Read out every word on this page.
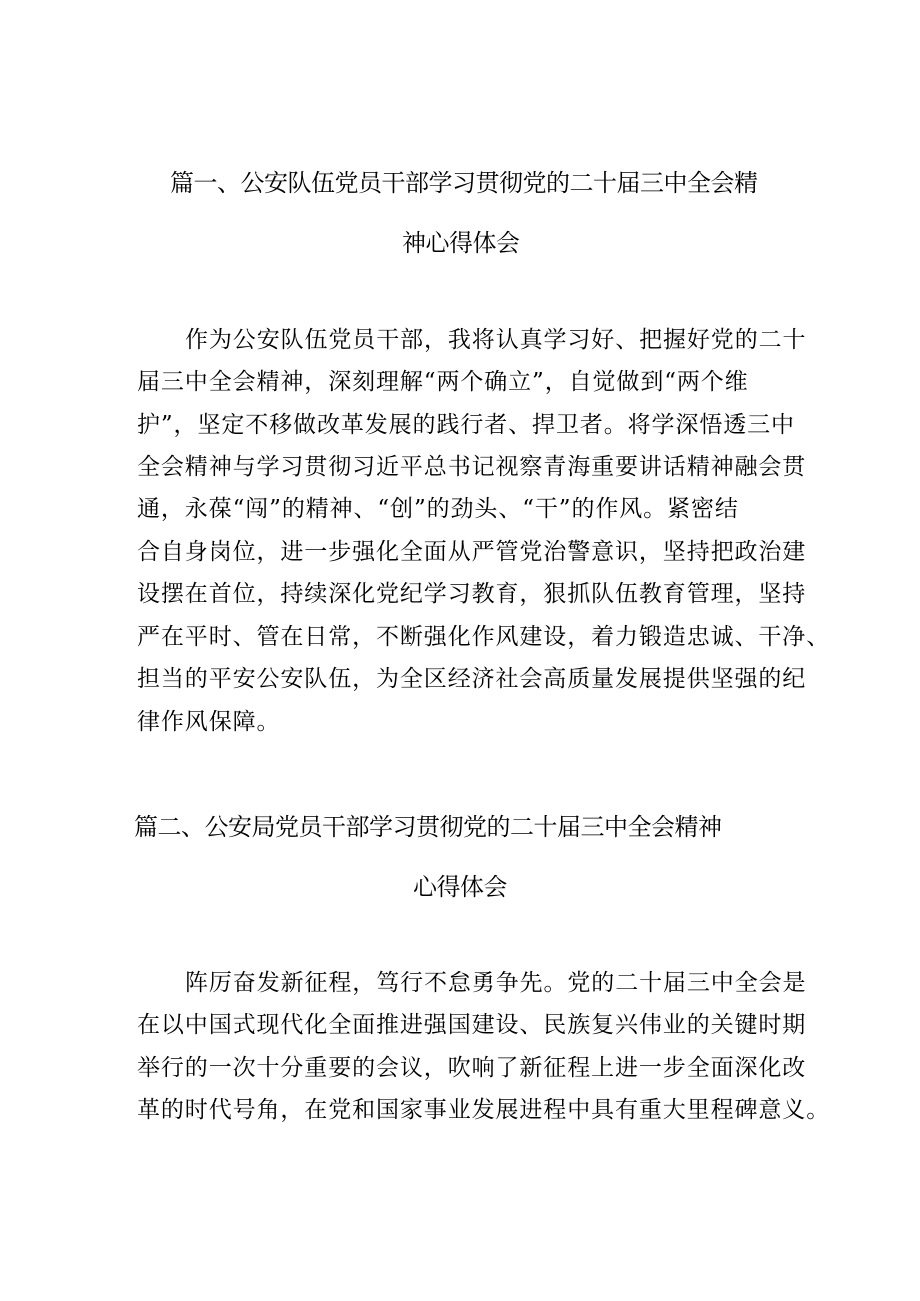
篇一、公安队伍党员干部学习贯彻党的二十届三中全会精
神心得体会

作为公安队伍党员干部，我将认真学习好、把握好党的二十

届三中全会精神，深刻理解“两个确立”，自觉做到“两个维

护”，坚定不移做改革发展的践行者、捍卫者。将学深悟透三中

全会精神与学习贯彻习近平总书记视察青海重要讲话精神融会贯

通，永葆“闯”的精神、“创”的劲头、“干”的作风。紧密结

合自身岗位，进一步强化全面从严管党治警意识，坚持把政治建

设摆在首位，持续深化党纪学习教育，狠抓队伍教育管理，坚持

严在平时、管在日常，不断强化作风建设，着力锻造忠诚、干净、

担当的平安公安队伍，为全区经济社会高质量发展提供坚强的纪

律作风保障。

篇二、公安局党员干部学习贯彻党的二十届三中全会精神
心得体会

阵厉奋发新征程，笃行不怠勇争先。党的二十届三中全会是

在以中国式现代化全面推进强国建设、民族复兴伟业的关键时期

举行的一次十分重要的会议，吹响了新征程上进一步全面深化改

革的时代号角，在党和国家事业发展进程中具有重大里程碑意义。
